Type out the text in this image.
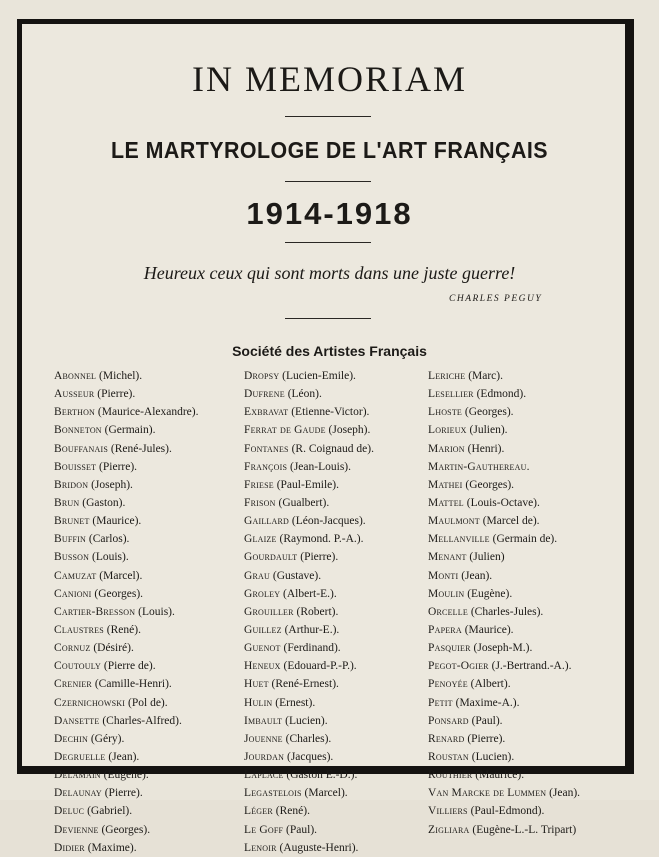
IN MEMORIAM
LE MARTYROLOGE DE L'ART FRANÇAIS
1914-1918
Heureux ceux qui sont morts dans une juste guerre!
CHARLES PEGUY
Société des Artistes Français
Abonnel (Michel).
Ausseur (Pierre).
Berthon (Maurice-Alexandre).
Bonneton (Germain).
Bouffanais (René-Jules).
Bouisset (Pierre).
Bridon (Joseph).
Brun (Gaston).
Brunet (Maurice).
Buffin (Carlos).
Busson (Louis).
Camuzat (Marcel).
Canioni (Georges).
Cartier-Bresson (Louis).
Claustres (René).
Cornuz (Désiré).
Coutouly (Pierre de).
Crenier (Camille-Henri).
Czernichowski (Pol de).
Dansette (Charles-Alfred).
Dechin (Géry).
Degruelle (Jean).
Delamain (Eugène).
Delaunay (Pierre).
Deluc (Gabriel).
Devienne (Georges).
Didier (Maxime).
Dropsy (Lucien-Emile).
Dufrene (Léon).
Exbravat (Etienne-Victor).
Ferrat de Gaude (Joseph).
Fontanes (R. Coignaud de).
François (Jean-Louis).
Friese (Paul-Emile).
Frison (Gualbert).
Gaillard (Léon-Jacques).
Glaize (Raymond. P.-A.).
Gourdault (Pierre).
Grau (Gustave).
Groley (Albert-E.).
Grouiller (Robert).
Guillez (Arthur-E.).
Guenot (Ferdinand).
Heneux (Edouard-P.-P.).
Huet (René-Ernest).
Hulin (Ernest).
Imbault (Lucien).
Jouenne (Charles).
Jourdan (Jacques).
Laplace (Gaston E.-D.).
Legastelois (Marcel).
Léger (René).
Le Goff (Paul).
Lenoir (Auguste-Henri).
Leriche (Marc).
Lesellier (Edmond).
Lhoste (Georges).
Lorieux (Julien).
Marion (Henri).
Martin-Gauthereau.
Mathei (Georges).
Mattel (Louis-Octave).
Maulmont (Marcel de).
Mellanville (Germain de).
Menant (Julien)
Monti (Jean).
Moulin (Eugène).
Orcelle (Charles-Jules).
Papera (Maurice).
Pasquier (Joseph-M.).
Pegot-Ogier (J.-Bertrand.-A.).
Penoyée (Albert).
Petit (Maxime-A.).
Ponsard (Paul).
Renard (Pierre).
Roustan (Lucien).
Routhier (Maurice).
Van Marcke de Lummen (Jean).
Villiers (Paul-Edmond).
Zigliara (Eugène-L.-L. Tripart)
